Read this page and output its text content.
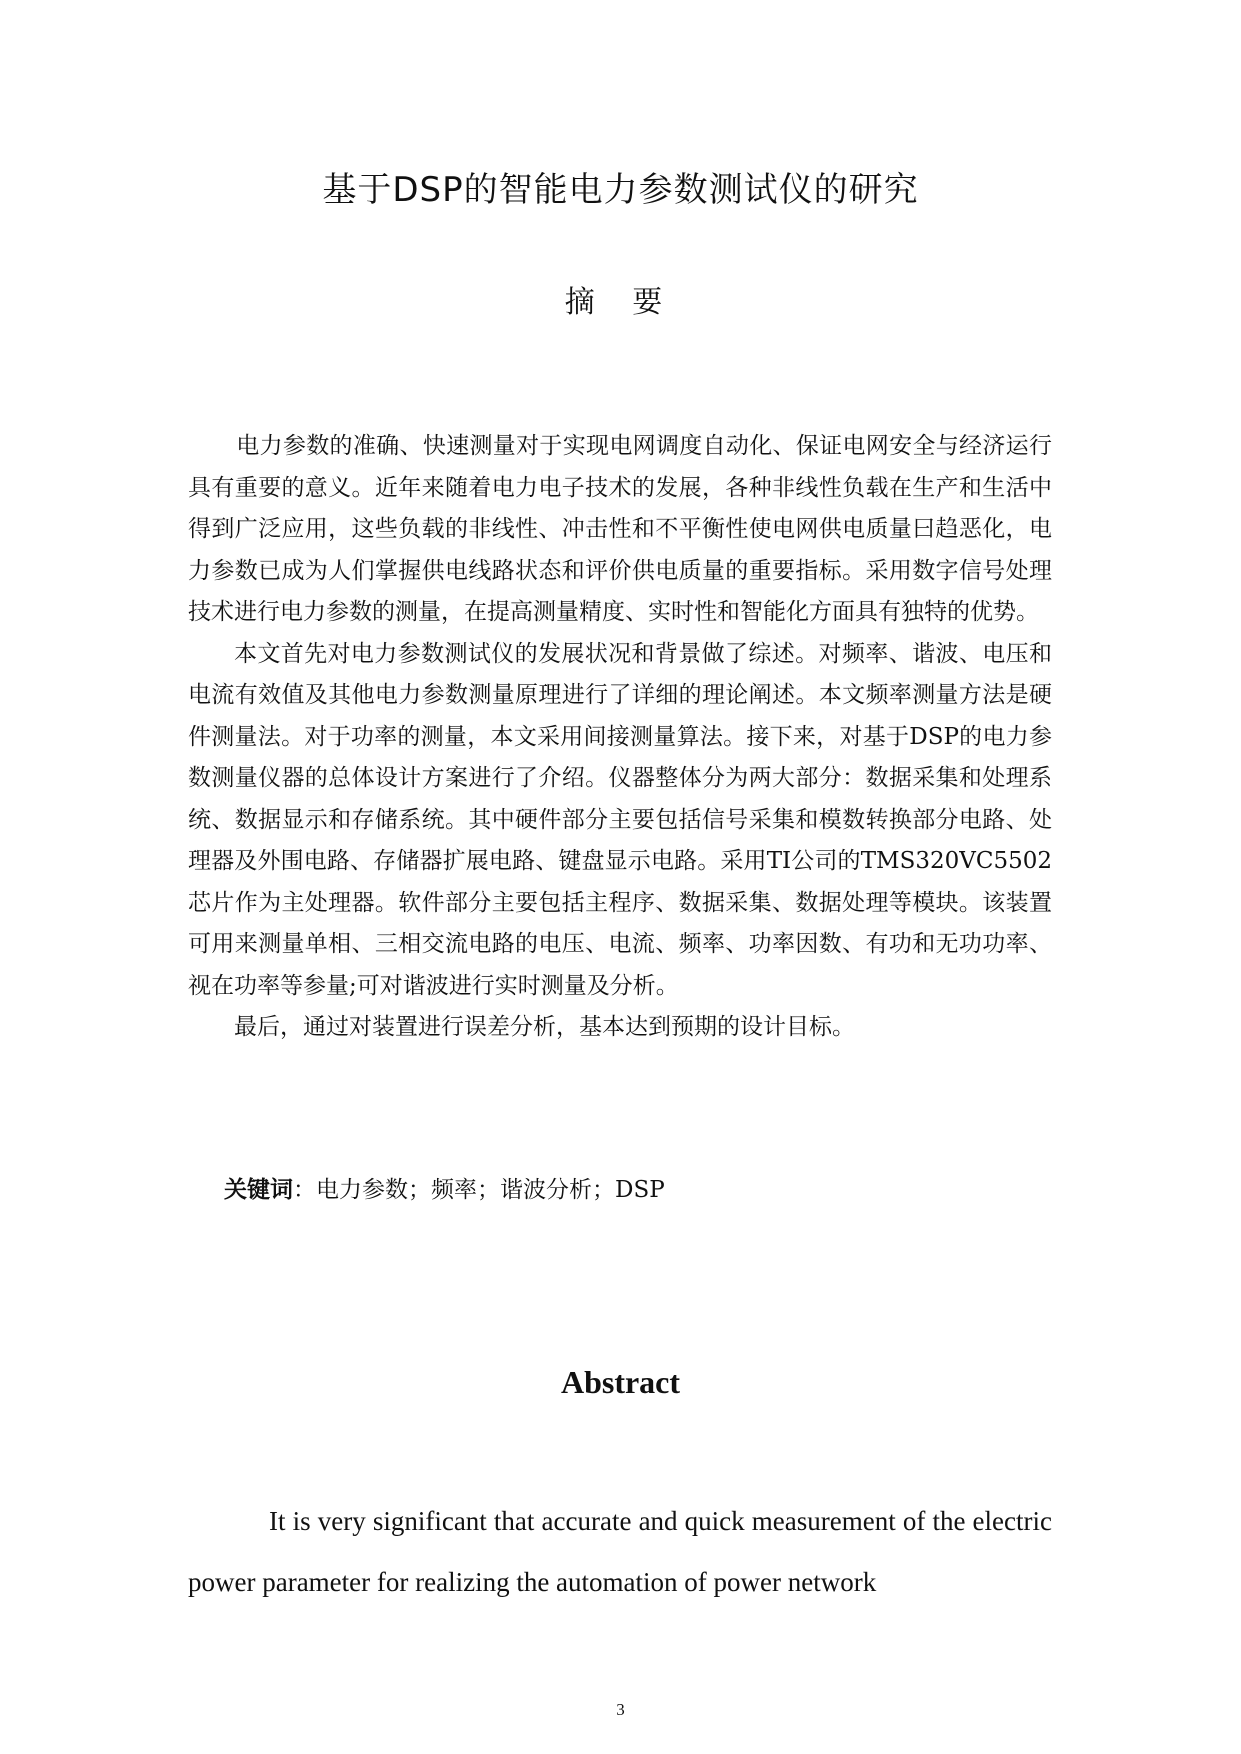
基于DSP的智能电力参数测试仪的研究
摘 要

电力参数的准确、快速测量对于实现电网调度自动化、保证电网安全与经济运行具有重要的意义。近年来随着电力电子技术的发展，各种非线性负载在生产和生活中得到广泛应用，这些负载的非线性、冲击性和不平衡性使电网供电质量曰趋恶化，电力参数已成为人们掌握供电线路状态和评价供电质量的重要指标。采用数字信号处理技术进行电力参数的测量，在提高测量精度、实时性和智能化方面具有独特的优势。

本文首先对电力参数测试仪的发展状况和背景做了综述。对频率、谐波、电压和电流有效值及其他电力参数测量原理进行了详细的理论阐述。本文频率测量方法是硬件测量法。对于功率的测量，本文采用间接测量算法。接下来，对基于DSP的电力参数测量仪器的总体设计方案进行了介绍。仪器整体分为两大部分：数据采集和处理系统、数据显示和存储系统。其中硬件部分主要包括信号采集和模数转换部分电路、处理器及外围电路、存储器扩展电路、键盘显示电路。采用TI公司的TMS320VC5502芯片作为主处理器。软件部分主要包括主程序、数据采集、数据处理等模块。该装置可用来测量单相、三相交流电路的电压、电流、频率、功率因数、有功和无功功率、视在功率等参量;可对谐波进行实时测量及分析。

最后，通过对装置进行误差分析，基本达到预期的设计目标。

关键词：电力参数；频率；谐波分析；DSP
Abstract

It is very significant that accurate and quick measurement of the electric power parameter for realizing the automation of power network

3
